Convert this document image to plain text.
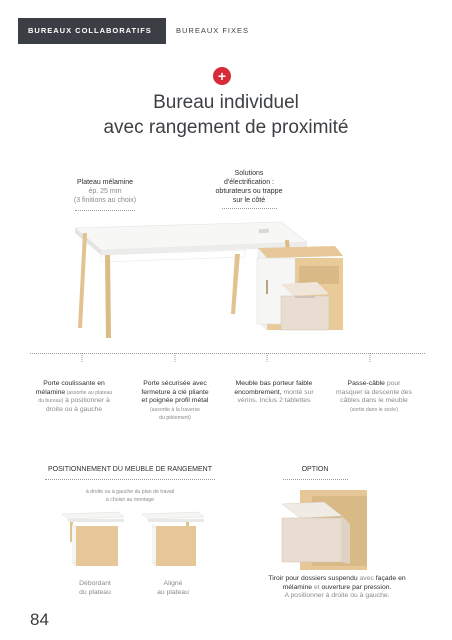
BUREAUX COLLABORATIFS	BUREAUX FIXES
+
Bureau individuel
avec rangement de proximité
Plateau mélamine
ép. 25 mm
(3 finitions au choix)
Solutions
d'électrification :
obturateurs ou trappe
sur le côté
Porte coulissante en
mélamine (assortie au plateau
du bureau) à positionner à
droite ou à gauche
Porte sécurisée avec
fermeture à clé pliante
et poignée profil métal
(assortie à la traverse
du piètement)
Meuble bas porteur faible
encombrement, monté sur
vérins. Inclus 2 tablettes
Passe-câble pour
masquer la descente des
câbles dans le meuble
(sortie dans le socle)
POSITIONNEMENT DU MEUBLE DE RANGEMENT
à droite ou à gauche du plan de travail
à choisir au montage
Débordant
du plateau
Aligné
au plateau
OPTION
Tiroir pour dossiers suspendu avec façade en
mélamine et ouverture par pression.
A positionner à droite ou à gauche.
84
